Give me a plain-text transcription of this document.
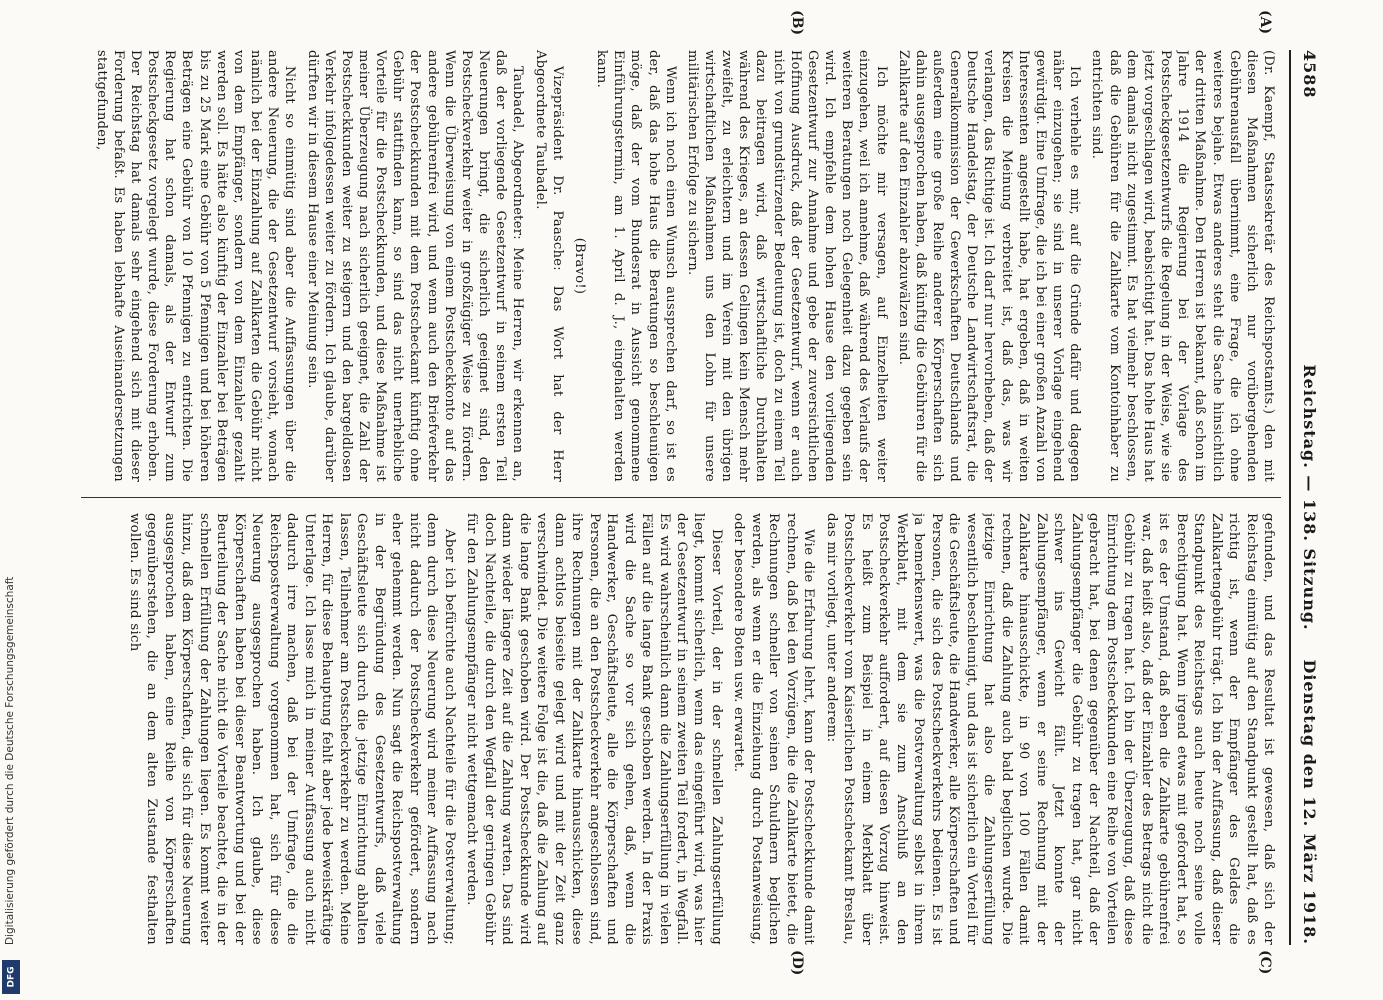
4588
Reichstag. — 138. Sitzung.
Dienstag den 12. März 1918.

(Dr. Kaempf, Staatssekretär des Reichspostamts.) den mit diesen Maßnahmen sicherlich nur vorübergehenden Gebührenausfall übernimmt, eine Frage, die ich ohne weiteres bejahe. Etwas anderes steht die Sache hinsichtlich der dritten Maßnahme. Den Herren ist bekannt, daß schon im Jahre 1914 die Regierung bei der Vorlage des Postscheckgesetzentwurfs die Regelung in der Weise, wie sie jetzt vorgeschlagen wird, beabsichtigt hat. Das hohe Haus hat dem damals nicht zugestimmt. Es hat vielmehr beschlossen, daß die Gebühren für die Zahlkarte vom Kontoinhaber zu entrichten sind.

Ich verhehle es mir, auf die Gründe dafür und dagegen näher einzugehen; sie sind in unserer Vorlage eingehend gewürdigt. Eine Umfrage, die ich bei einer großen Anzahl von Interessenten angestellt habe, hat ergeben, daß in weiten Kreisen die Meinung verbreitet ist, daß das, was wir verlangen, das Richtige ist. Ich darf nur hervorheben, daß der Deutsche Handelstag, der Deutsche Landwirtschaftsrat, die Generalkommission der Gewerkschaften Deutschlands und außerdem eine große Reihe anderer Körperschaften sich dahin ausgesprochen haben, daß künftig die Gebühren für die Zahlkarte auf den Einzahler abzuwälzen sind.

Ich möchte mir versagen, auf Einzelheiten weiter einzugehen, weil ich annehme, daß während des Verlaufs der weiteren Beratungen noch Gelegenheit dazu gegeben sein wird. Ich empfehle dem hohen Hause den vorliegenden Gesetzentwurf zur Annahme und gebe der zuversichtlichen Hoffnung Ausdruck, daß der Gesetzentwurf, wenn er auch nicht von grundstürzender Bedeutung ist, doch zu einem Teil dazu beitragen wird, daß wirtschaftliche Durchhalten während des Krieges, an dessen Gelingen kein Mensch mehr zweifelt, zu erleichtern und im Verein mit den übrigen wirtschaftlichen Maßnahmen uns den Lohn für unsere militärischen Erfolge zu sichern.

Wenn ich noch einen Wunsch aussprechen darf, so ist es der, daß das hohe Haus die Beratungen so beschleunigen möge, daß der vom Bundesrat in Aussicht genommene Einführungstermin, am 1. April d. J., eingehalten werden kann.

(Bravo!)

Vizepräsident Dr. Paasche: Das Wort hat der Herr Abgeordnete Taubadel.

Taubadel, Abgeordneter: Meine Herren, wir erkennen an, daß der vorliegende Gesetzentwurf in seinem ersten Teil Neuerungen bringt, die sicherlich geeignet sind, den Postscheckverkehr weiter in großzügiger Weise zu fördern. Wenn die Überweisung von einem Postscheckkonto auf das andere gebührenfrei wird, und wenn auch den Briefverkehr der Postscheckkunden mit dem Postscheckamt künftig ohne Gebühr stattfinden kann, so sind das nicht unerhebliche Vorteile für die Postscheckkunden, und diese Maßnahme ist meiner Überzeugung nach sicherlich geeignet, die Zahl der Postscheckkunden weiter zu steigern und den bargeldlosen Verkehr infolgedessen weiter zu fördern. Ich glaube, darüber dürften wir in diesem Hause einer Meinung sein.

Nicht so einmütig sind aber die Auffassungen über die andere Neuerung, die der Gesetzentwurf vorsieht, wonach nämlich bei der Einzahlung auf Zahlkarten die Gebühr nicht von dem Empfänger, sondern von dem Einzahler gezahlt werden soll. Es hätte also künftig der Einzahler bei Beträgen bis zu 25 Mark eine Gebühr von 5 Pfennigen und bei höheren Beträgen eine Gebühr von 10 Pfennigen zu entrichten. Die Regierung hat schon damals, als der Entwurf zum Postscheckgesetz vorgelegt wurde, diese Forderung erhoben. Der Reichstag hat damals sehr eingehend sich mit dieser Forderung befaßt. Es haben lebhafte Auseinandersetzungen stattgefunden,

gefunden, und das Resultat ist gewesen, daß sich der Reichstag einmütig auf den Standpunkt gestellt hat, daß es richtig ist, wenn der Empfänger des Geldes die Zahlkartengebühr trägt. Ich bin der Auffassung, daß dieser Standpunkt des Reichstags auch heute noch seine volle Berechtigung hat. Wenn irgend etwas mit gefordert hat, so ist es der Umstand, daß eben die Zahlkarte gebührenfrei war, daß heißt also, daß der Einzahler des Betrags nicht die Gebühr zu tragen hat. Ich bin der Überzeugung, daß diese Einrichtung dem Postscheckkunden eine Reihe von Vorteilen gebracht hat, bei denen gegenüber der Nachteil, daß der Zahlungsempfänger die Gebühr zu tragen hat, gar nicht schwer ins Gewicht fällt. Jetzt konnte der Zahlungsempfänger, wenn er seine Rechnung mit der Zahlkarte hinausschickte, in 90 von 100 Fällen damit rechnen, daß die Zahlung auch bald beglichen wurde. Die jetzige Einrichtung hat also die Zahlungserfüllung wesentlich beschleunigt, und das ist sicherlich ein Vorteil für die Geschäftsleute, die Handwerker, alle Körperschaften und Personen, die sich des Postscheckverkehrs bedienen. Es ist ja bemerkenswert, was die Postverwaltung selbst in ihrem Werkblatt, mit dem sie zum Anschluß an den Postscheckverkehr auffordert, auf diesen Vorzug hinweist. Es heißt zum Beispiel in einem Merkblatt über Postscheckverkehr vom Kaiserlichen Postscheckamt Breslau, das mir vorliegt, unter anderem:

Wie die Erfahrung lehrt, kann der Postscheckkunde damit rechnen, daß bei den Vorzügen, die die Zahlkarte bietet, die Rechnungen schneller von seinen Schuldnern beglichen werden, als wenn er die Einziehung durch Postanweisung, oder besondere Boten usw. erwartet.

Dieser Vorteil, der in der schnellen Zahlungserfüllung liegt, kommt sicherlich, wenn das eingeführt wird, was hier der Gesetzentwurf in seinem zweiten Teil fordert, in Wegfall. Es wird wahrscheinlich dann die Zahlungserfüllung in vielen Fällen auf die lange Bank geschoben werden. In der Praxis wird die Sache so vor sich gehen, daß, wenn die Handwerker, Geschäftsleute, alle die Körperschaften und Personen, die an den Postscheckverkehr angeschlossen sind, ihre Rechnungen mit der Zahlkarte hinausschicken, diese dann achtlos beiseite gelegt wird und mit der Zeit ganz verschwindet. Die weitere Folge ist die, daß die Zahlung auf die lange Bank geschoben wird. Der Postscheckkunde wird dann wieder längere Zeit auf die Zahlung warten. Das sind doch Nachteile, die durch den Wegfall der geringen Gebühr für den Zahlungsempfänger nicht wettgemacht werden.

Aber ich befürchte auch Nachteile für die Postverwaltung; denn durch diese Neuerung wird meiner Auffassung nach nicht dadurch der Postscheckverkehr gefördert, sondern eher gehemmt werden. Nun sagt die Reichspostverwaltung in der Begründung des Gesetzentwurfs, daß viele Geschäftsleute sich durch die jetzige Einrichtung abhalten lassen, Teilnehmer am Postscheckverkehr zu werden. Meine Herren, für diese Behauptung fehlt aber jede beweiskräftige Unterlage. Ich lasse mich in meiner Auffassung auch nicht dadurch irre machen, daß bei der Umfrage, die die Reichspostverwaltung vorgenommen hat, sich für diese Neuerung ausgesprochen haben. Ich glaube, diese Körperschaften haben bei dieser Beantwortung und bei der Beurteilung der Sache nicht die Vorteile beachtet, die in der schnellen Erfüllung der Zahlungen liegen. Es kommt weiter hinzu, daß dem Körperschaften, die sich für diese Neuerung ausgesprochen haben, eine Reihe von Körperschaften gegenüberstehen, die an dem alten Zustande festhalten wollen. Es sind sich

(A)
(B)
(C)
(D)
Digitalisierung gefördert durch die Deutsche Forschungsgemeinschaft
DFG
